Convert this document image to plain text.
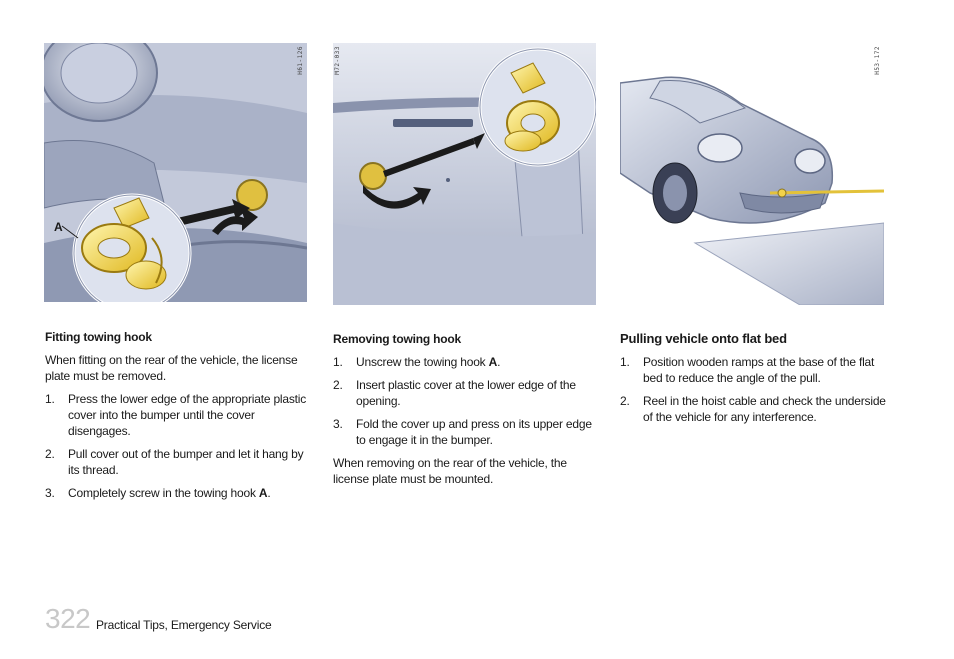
A
H61-126
Fitting towing hook

When fitting on the rear of the vehicle, the license plate must be removed.

1. Press the lower edge of the appropriate plastic cover into the bumper until the cover disengages.
2. Pull cover out of the bumper and let it hang by its thread.
3. Completely screw in the towing hook A.
M72-033
Removing towing hook
1. Unscrew the towing hook A.
2. Insert plastic cover at the lower edge of the opening.
3. Fold the cover up and press on its upper edge to engage it in the bumper.

When removing on the rear of the vehicle, the license plate must be mounted.

H53-172
Pulling vehicle onto flat bed
1. Position wooden ramps at the base of the flat bed to reduce the angle of the pull.
2. Reel in the hoist cable and check the underside of the vehicle for any interference.
322 Practical Tips, Emergency Service
